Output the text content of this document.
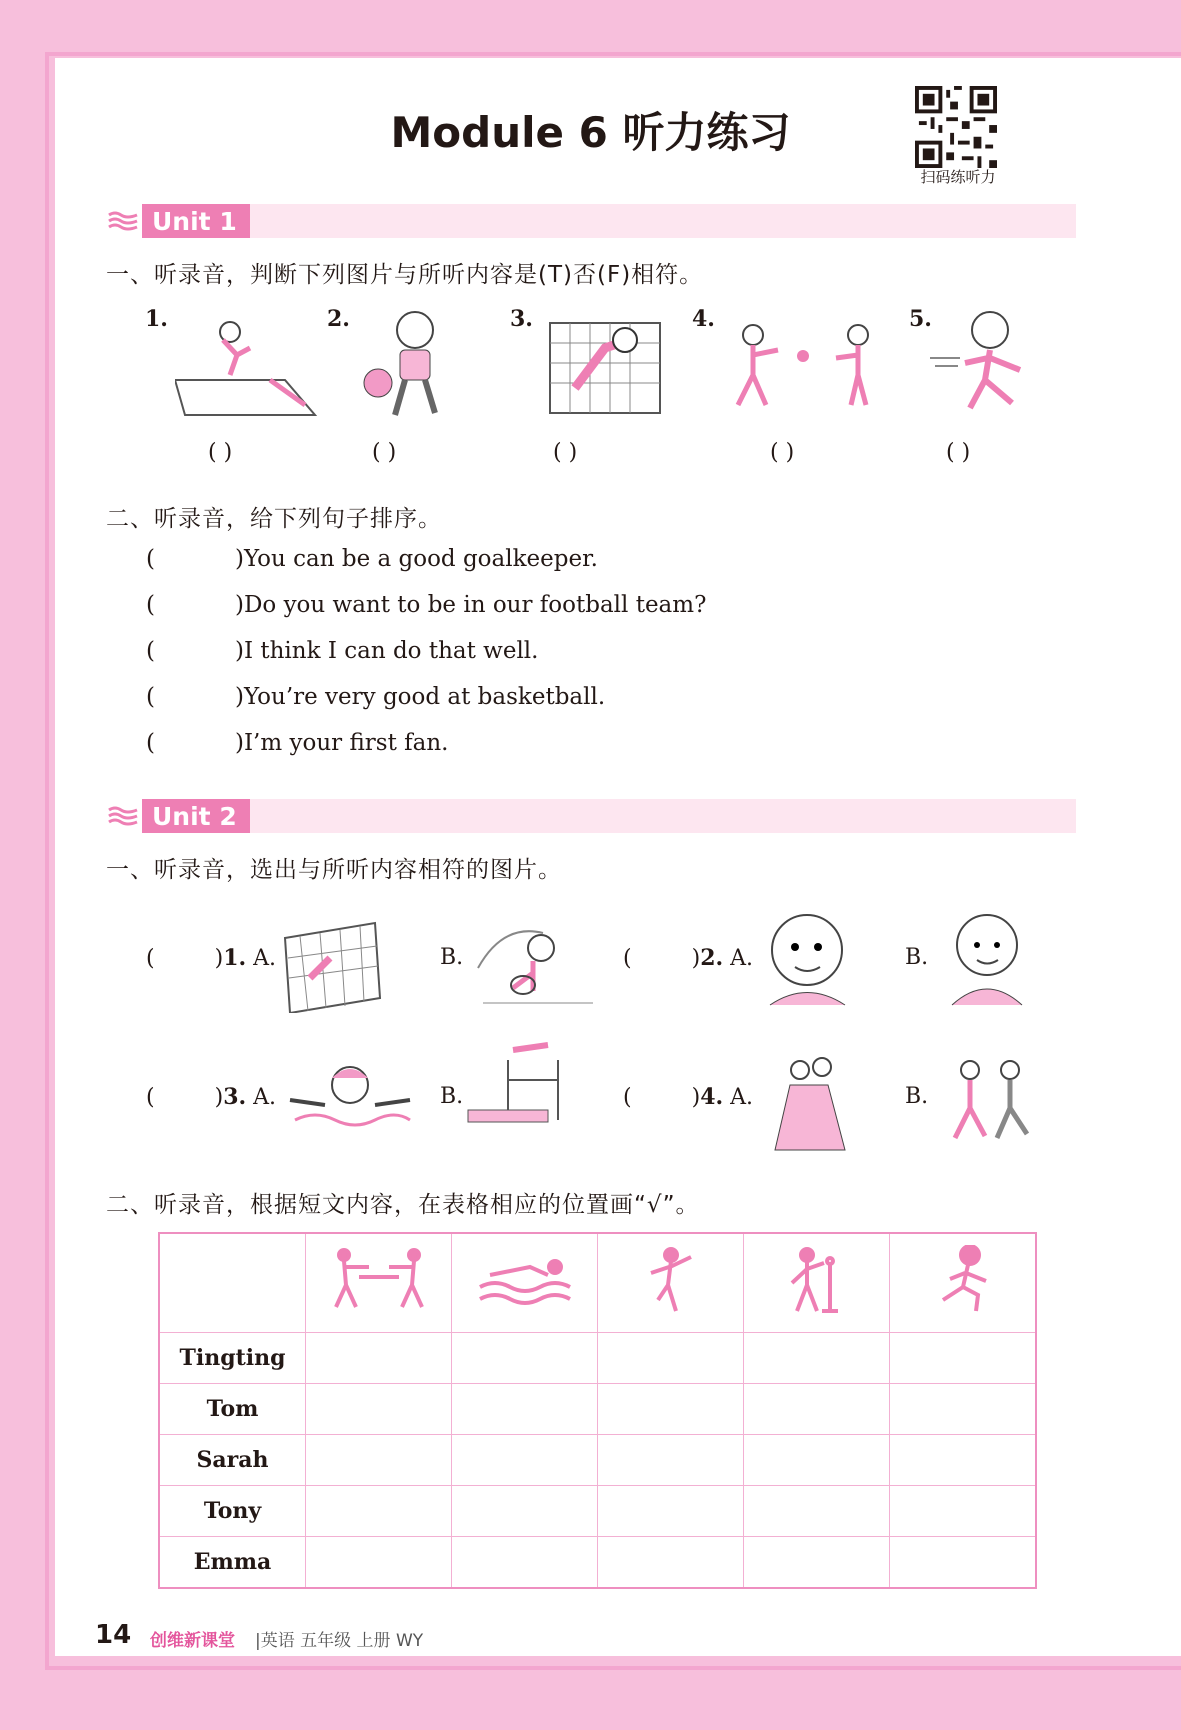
Module 6 听力练习
扫码练听力
Unit 1
一、听录音，判断下列图片与所听内容是(T)否(F)相符。
1.	2.	3.	4.	5.
( )	( )	( )	( )	( )
二、听录音，给下列句子排序。
(	)You can be a good goalkeeper.
(	)Do you want to be in our football team?
(	)I think I can do that well.
(	)You’re very good at basketball.
(	)I’m your first fan.
Unit 2
一、听录音，选出与所听内容相符的图片。
(	)1. A.	B.	(	)2. A.	B.
(	)3. A.	B.	(	)4. A.	B.
二、听录音，根据短文内容，在表格相应的位置画“√”。

Tingting					
Tom					
Sarah					
Tony					
Emma					
14 创维新课堂 |英语 五年级 上册 WY
